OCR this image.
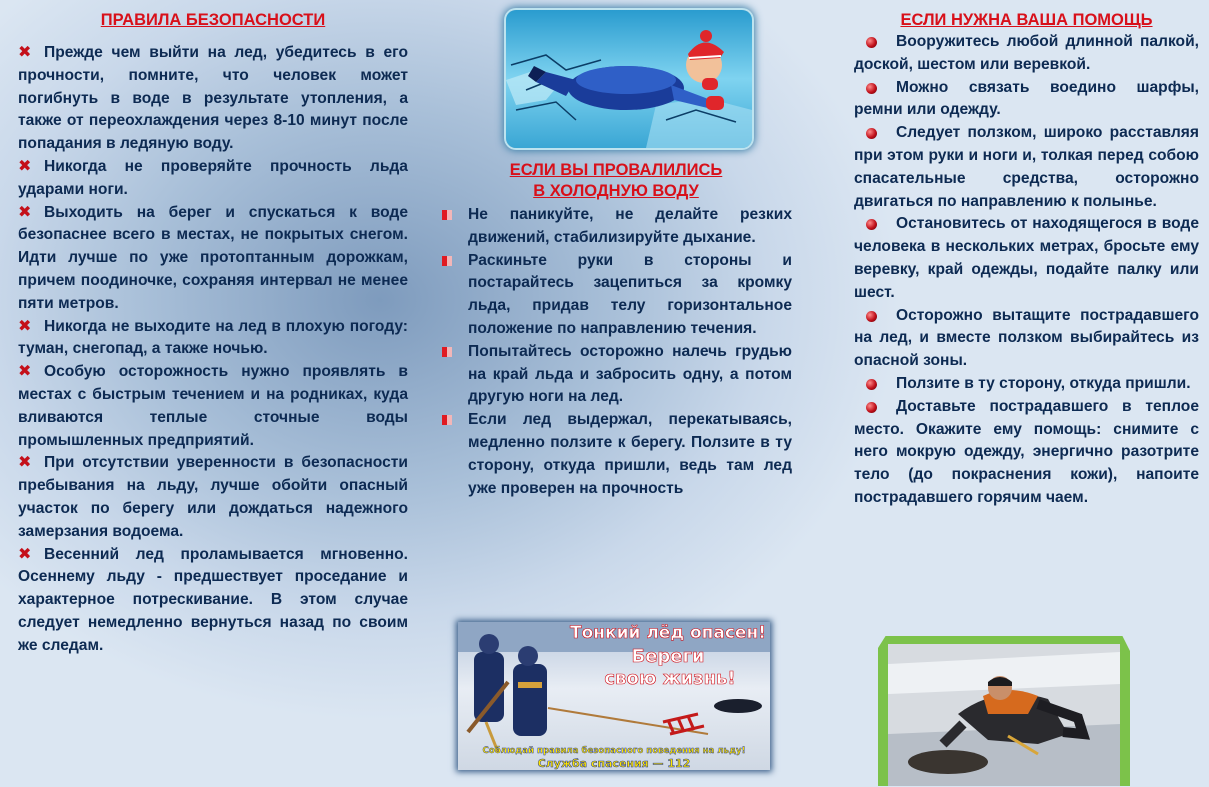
ПРАВИЛА БЕЗОПАСНОСТИ

✖ Прежде чем выйти на лед, убедитесь в его прочности, помните, что человек может погибнуть в воде в результате утопления, а также от переохлаждения через 8-10 минут после попадания в ледяную воду.

✖ Никогда не проверяйте прочность льда ударами ноги.

✖ Выходить на берег и спускаться к воде безопаснее всего в местах, не покрытых снегом. Идти лучше по уже протоптанным дорожкам, причем поодиночке, сохраняя интервал не менее пяти метров.

✖ Никогда не выходите на лед в плохую погоду: туман, снегопад, а также ночью.

✖ Особую осторожность нужно проявлять в местах с быстрым течением и на родниках, куда вливаются теплые сточные воды промышленных предприятий.

✖ При отсутствии уверенности в безопасности пребывания на льду, лучше обойти опасный участок по берегу или дождаться надежного замерзания водоема.

✖ Весенний лед проламывается мгновенно. Осеннему льду - предшествует проседание и характерное потрескивание. В этом случае следует немедленно вернуться назад по своим же следам.

ЕСЛИ ВЫ ПРОВАЛИЛИСЬ
В ХОЛОДНУЮ ВОДУ
Не паникуйте, не делайте резких движений, стабилизируйте дыхание.
Раскиньте руки в стороны и постарайтесь зацепиться за кромку льда, придав телу горизонтальное положение по направлению течения.
Попытайтесь осторожно налечь грудью на край льда и забросить одну, а потом другую ноги на лед.
Если лед выдержал, перекатываясь, медленно ползите к берегу. Ползите в ту сторону, откуда пришли, ведь там лед уже проверен на прочность
Тонкий лёд опасен!
Береги
свою жизнь!
Соблюдай правила безопасного поведения на льду!
Служба спасения — 112
ЕСЛИ НУЖНА ВАША ПОМОЩЬ
Вооружитесь любой длинной палкой, доской, шестом или веревкой.
Можно связать воедино шарфы, ремни или одежду.
Следует ползком, широко расставляя при этом руки и ноги и, толкая перед собою спасательные средства, осторожно двигаться по направлению к полынье.
Остановитесь от находящегося в воде человека в нескольких метрах, бросьте ему веревку, край одежды, подайте палку или шест.
Осторожно вытащите пострадавшего на лед, и вместе ползком выбирайтесь из опасной зоны.
Ползите в ту сторону, откуда пришли.
Доставьте пострадавшего в теплое место. Окажите ему помощь: снимите с него мокрую одежду, энергично разотрите тело (до покраснения кожи), напоите пострадавшего горячим чаем.
